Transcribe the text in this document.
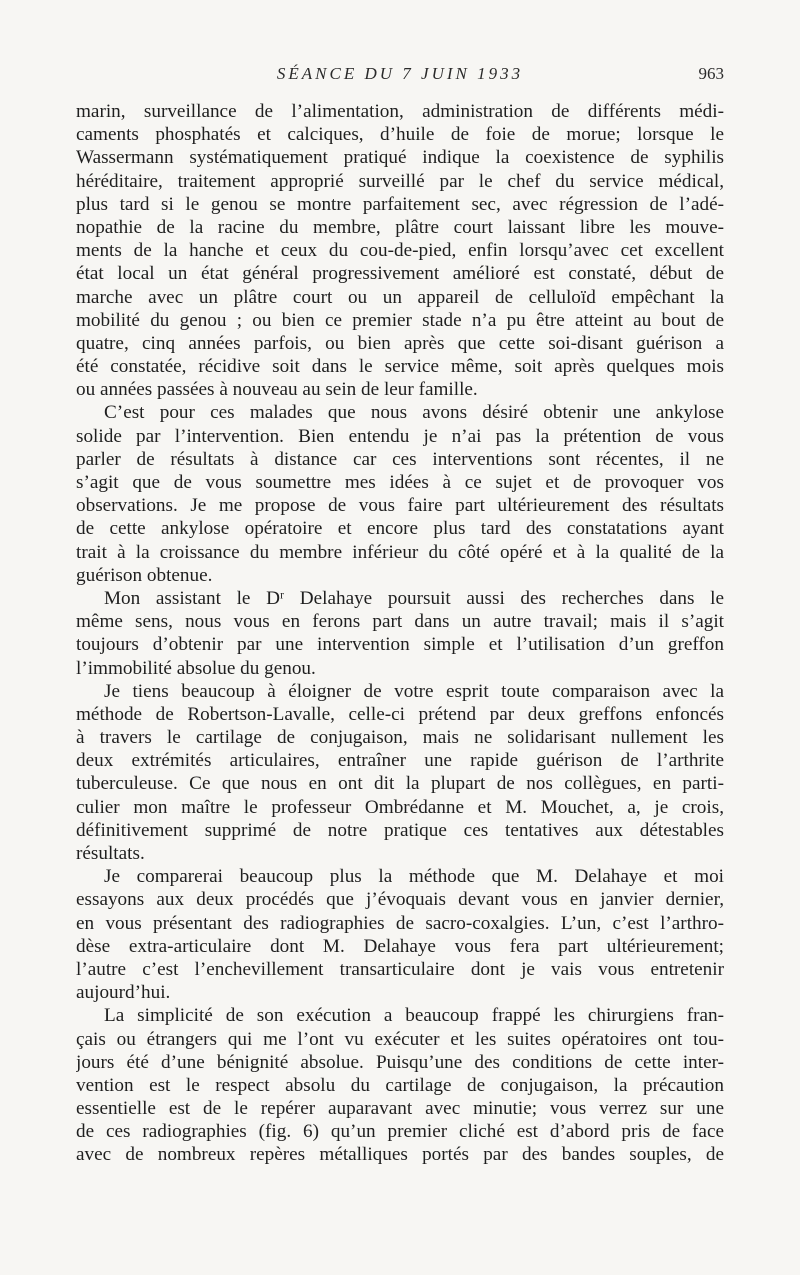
SÉANCE DU 7 JUIN 1933	963
marin, surveillance de l’alimentation, administration de différents médi-
caments phosphatés et calciques, d’huile de foie de morue; lorsque le
Wassermann systématiquement pratiqué indique la coexistence de syphilis
héréditaire, traitement approprié surveillé par le chef du service médical,
plus tard si le genou se montre parfaitement sec, avec régression de l’adé-
nopathie de la racine du membre, plâtre court laissant libre les mouve-
ments de la hanche et ceux du cou-de-pied, enfin lorsqu’avec cet excellent
état local un état général progressivement amélioré est constaté, début de
marche avec un plâtre court ou un appareil de celluloïd empêchant la
mobilité du genou ; ou bien ce premier stade n’a pu être atteint au bout de
quatre, cinq années parfois, ou bien après que cette soi-disant guérison a
été constatée, récidive soit dans le service même, soit après quelques mois
ou années passées à nouveau au sein de leur famille.
C’est pour ces malades que nous avons désiré obtenir une ankylose
solide par l’intervention. Bien entendu je n’ai pas la prétention de vous
parler de résultats à distance car ces interventions sont récentes, il ne
s’agit que de vous soumettre mes idées à ce sujet et de provoquer vos
observations. Je me propose de vous faire part ultérieurement des résultats
de cette ankylose opératoire et encore plus tard des constatations ayant
trait à la croissance du membre inférieur du côté opéré et à la qualité de la
guérison obtenue.
Mon assistant le Dʳ Delahaye poursuit aussi des recherches dans le
même sens, nous vous en ferons part dans un autre travail; mais il s’agit
toujours d’obtenir par une intervention simple et l’utilisation d’un greffon
l’immobilité absolue du genou.
Je tiens beaucoup à éloigner de votre esprit toute comparaison avec la
méthode de Robertson-Lavalle, celle-ci prétend par deux greffons enfoncés
à travers le cartilage de conjugaison, mais ne solidarisant nullement les
deux extrémités articulaires, entraîner une rapide guérison de l’arthrite
tuberculeuse. Ce que nous en ont dit la plupart de nos collègues, en parti-
culier mon maître le professeur Ombrédanne et M. Mouchet, a, je crois,
définitivement supprimé de notre pratique ces tentatives aux détestables
résultats.
Je comparerai beaucoup plus la méthode que M. Delahaye et moi
essayons aux deux procédés que j’évoquais devant vous en janvier dernier,
en vous présentant des radiographies de sacro-coxalgies. L’un, c’est l’arthro-
dèse extra-articulaire dont M. Delahaye vous fera part ultérieurement;
l’autre c’est l’enchevillement transarticulaire dont je vais vous entretenir
aujourd’hui.
La simplicité de son exécution a beaucoup frappé les chirurgiens fran-
çais ou étrangers qui me l’ont vu exécuter et les suites opératoires ont tou-
jours été d’une bénignité absolue. Puisqu’une des conditions de cette inter-
vention est le respect absolu du cartilage de conjugaison, la précaution
essentielle est de le repérer auparavant avec minutie; vous verrez sur une
de ces radiographies (fig. 6) qu’un premier cliché est d’abord pris de face
avec de nombreux repères métalliques portés par des bandes souples, de
